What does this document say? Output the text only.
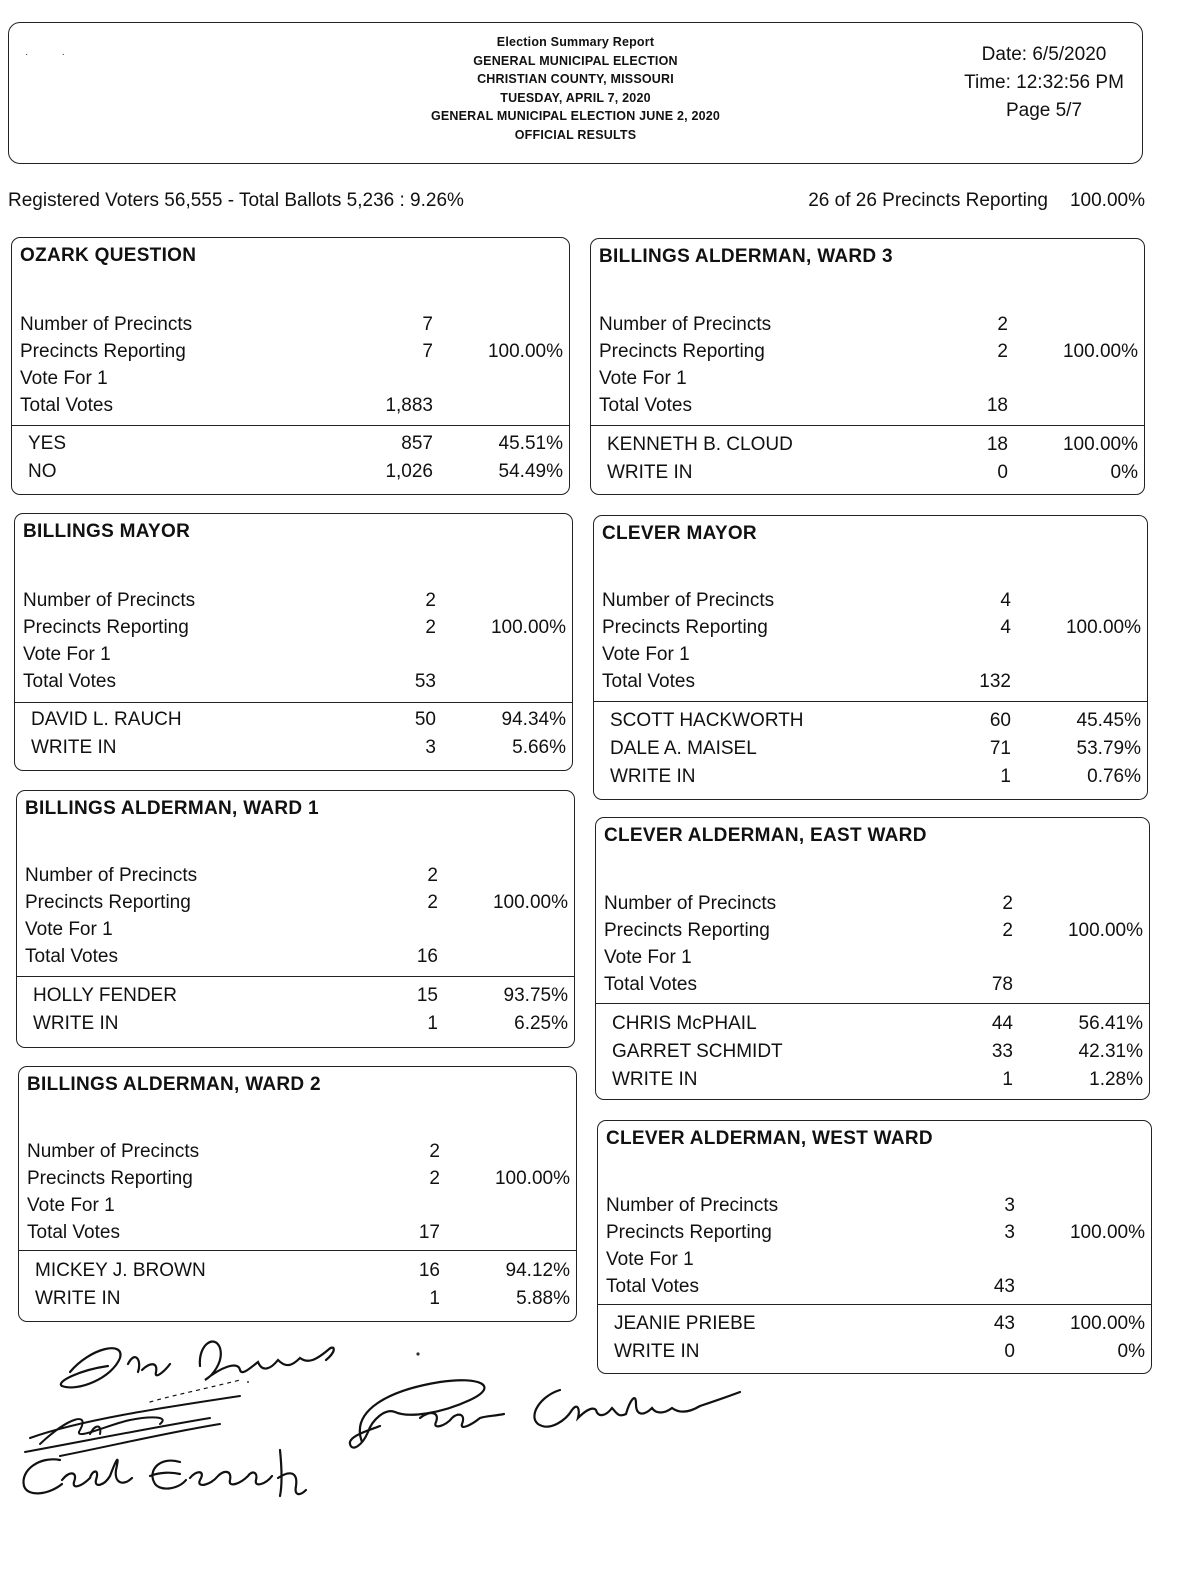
·            ·
Election Summary Report
GENERAL MUNICIPAL ELECTION
CHRISTIAN COUNTY, MISSOURI
TUESDAY, APRIL 7, 2020
GENERAL MUNICIPAL ELECTION JUNE 2, 2020
OFFICIAL RESULTS
Date: 6/5/2020
Time: 12:32:56 PM
Page 5/7
Registered Voters 56,555 - Total Ballots 5,236 : 9.26%	26 of 26 Precincts Reporting 100.00%
OZARK QUESTION
Number of Precincts	7
Precincts Reporting	7	100.00%
Vote For 1
Total Votes	1,883
YES	857	45.51%
NO	1,026	54.49%
BILLINGS MAYOR
Number of Precincts	2
Precincts Reporting	2	100.00%
Vote For 1
Total Votes	53
DAVID L. RAUCH	50	94.34%
WRITE IN	3	5.66%
BILLINGS ALDERMAN, WARD 1
Number of Precincts	2
Precincts Reporting	2	100.00%
Vote For 1
Total Votes	16
HOLLY FENDER	15	93.75%
WRITE IN	1	6.25%
BILLINGS ALDERMAN, WARD 2
Number of Precincts	2
Precincts Reporting	2	100.00%
Vote For 1
Total Votes	17
MICKEY J. BROWN	16	94.12%
WRITE IN	1	5.88%
BILLINGS ALDERMAN, WARD 3
Number of Precincts	2
Precincts Reporting	2	100.00%
Vote For 1
Total Votes	18
KENNETH B. CLOUD	18	100.00%
WRITE IN	0	0%
CLEVER MAYOR
Number of Precincts	4
Precincts Reporting	4	100.00%
Vote For 1
Total Votes	132
SCOTT HACKWORTH	60	45.45%
DALE A. MAISEL	71	53.79%
WRITE IN	1	0.76%
CLEVER ALDERMAN, EAST WARD
Number of Precincts	2
Precincts Reporting	2	100.00%
Vote For 1
Total Votes	78
CHRIS McPHAIL	44	56.41%
GARRET SCHMIDT	33	42.31%
WRITE IN	1	1.28%
CLEVER ALDERMAN, WEST WARD
Number of Precincts	3
Precincts Reporting	3	100.00%
Vote For 1
Total Votes	43
JEANIE PRIEBE	43	100.00%
WRITE IN	0	0%
